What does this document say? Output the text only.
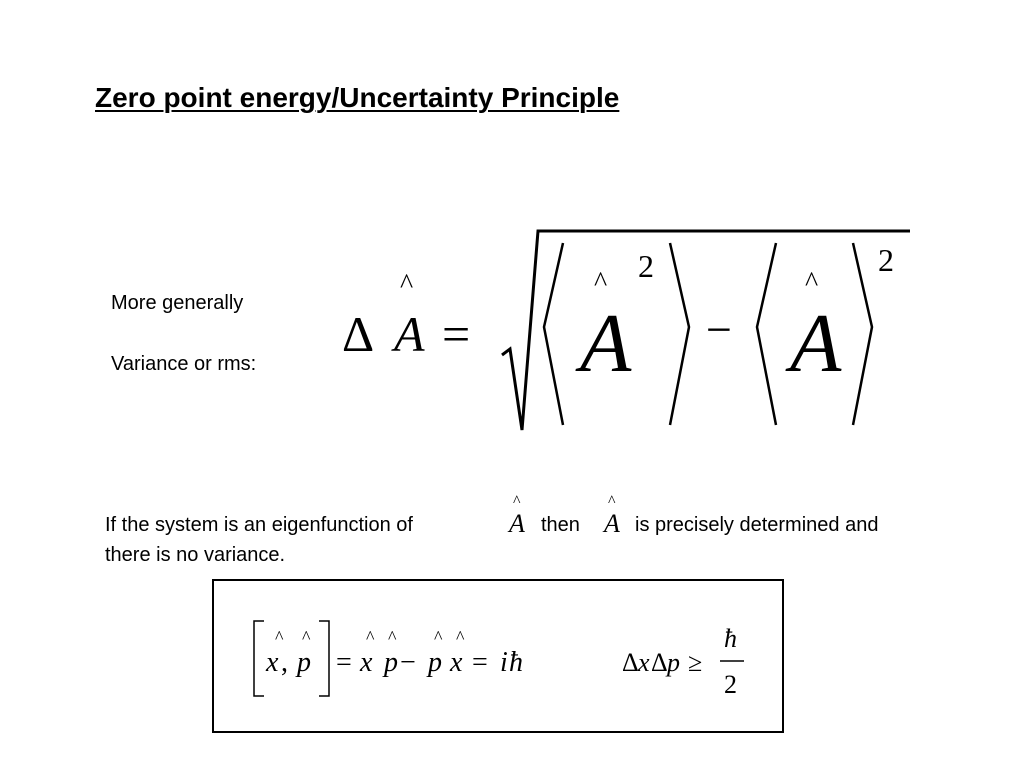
Zero point energy/Uncertainty Principle
More generally
Variance or rms:
Δ
^
A =
^
A
2
−
^
A
2
If the system is an eigenfunction of
^
A then
^
A is precisely determined and
there is no variance.
^
x ,
^
p =
^
x
^
p −
^
p
^
x = i ħ	Δ x Δ p ≥
ħ
2
